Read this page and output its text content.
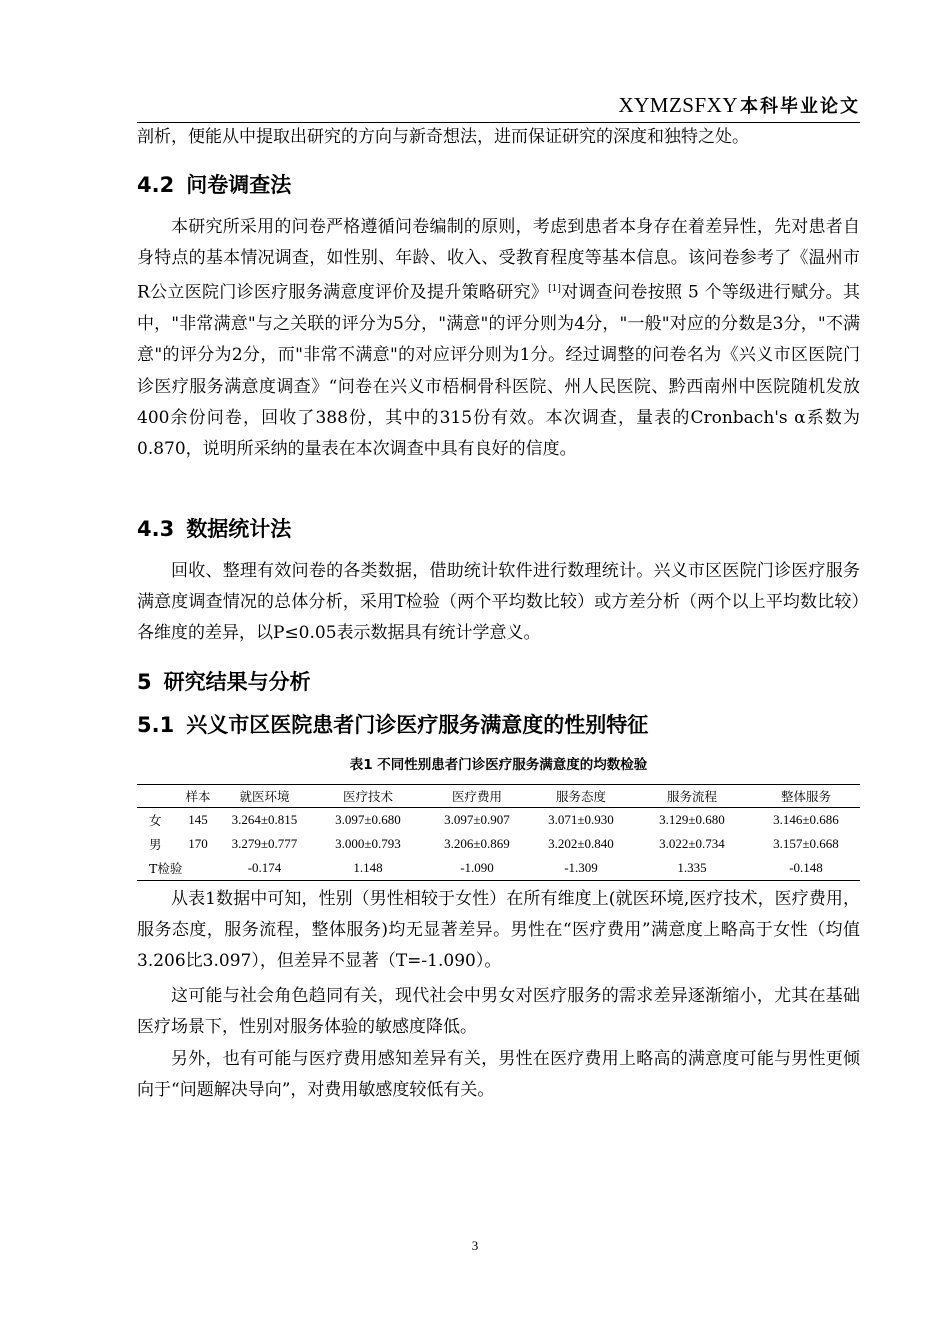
XYMZSFXY 本科毕业论文

剖析，便能从中提取出研究的方向与新奇想法，进而保证研究的深度和独特之处。

4.2 问卷调查法

本研究所采用的问卷严格遵循问卷编制的原则，考虑到患者本身存在着差异性，先对患者自身特点的基本情况调查，如性别、年龄、收入、受教育程度等基本信息。该问卷参考了《温州市R公立医院门诊医疗服务满意度评价及提升策略研究》[1]对调查问卷按照 5 个等级进行赋分。其中，"非常满意"与之关联的评分为5分，"满意"的评分则为4分，"一般"对应的分数是3分，"不满意"的评分为2分，而"非常不满意"的对应评分则为1分。经过调整的问卷名为《兴义市区医院门诊医疗服务满意度调查》“问卷在兴义市梧桐骨科医院、州人民医院、黔西南州中医院随机发放400余份问卷，回收了388份，其中的315份有效。本次调查，量表的Cronbach's α系数为0.870，说明所采纳的量表在本次调查中具有良好的信度。

4.3 数据统计法

回收、整理有效问卷的各类数据，借助统计软件进行数理统计。兴义市区医院门诊医疗服务满意度调查情况的总体分析，采用T检验（两个平均数比较）或方差分析（两个以上平均数比较）各维度的差异，以P≤0.05表示数据具有统计学意义。

5 研究结果与分析
5.1 兴义市区医院患者门诊医疗服务满意度的性别特征
表1 不同性别患者门诊医疗服务满意度的均数检验
	样本	就医环境	医疗技术	医疗费用	服务态度	服务流程	整体服务
女	145	3.264±0.815	3.097±0.680	3.097±0.907	3.071±0.930	3.129±0.680	3.146±0.686
男	170	3.279±0.777	3.000±0.793	3.206±0.869	3.202±0.840	3.022±0.734	3.157±0.668
T检验		-0.174	1.148	-1.090	-1.309	1.335	-0.148

从表1数据中可知，性别（男性相较于女性）在所有维度上(就医环境,医疗技术，医疗费用，服务态度，服务流程，整体服务)均无显著差异。男性在“医疗费用”满意度上略高于女性（均值3.206比3.097），但差异不显著（T=-1.090）。

这可能与社会角色趋同有关，现代社会中男女对医疗服务的需求差异逐渐缩小，尤其在基础医疗场景下，性别对服务体验的敏感度降低。

另外，也有可能与医疗费用感知差异有关，男性在医疗费用上略高的满意度可能与男性更倾向于“问题解决导向”，对费用敏感度较低有关。

3
